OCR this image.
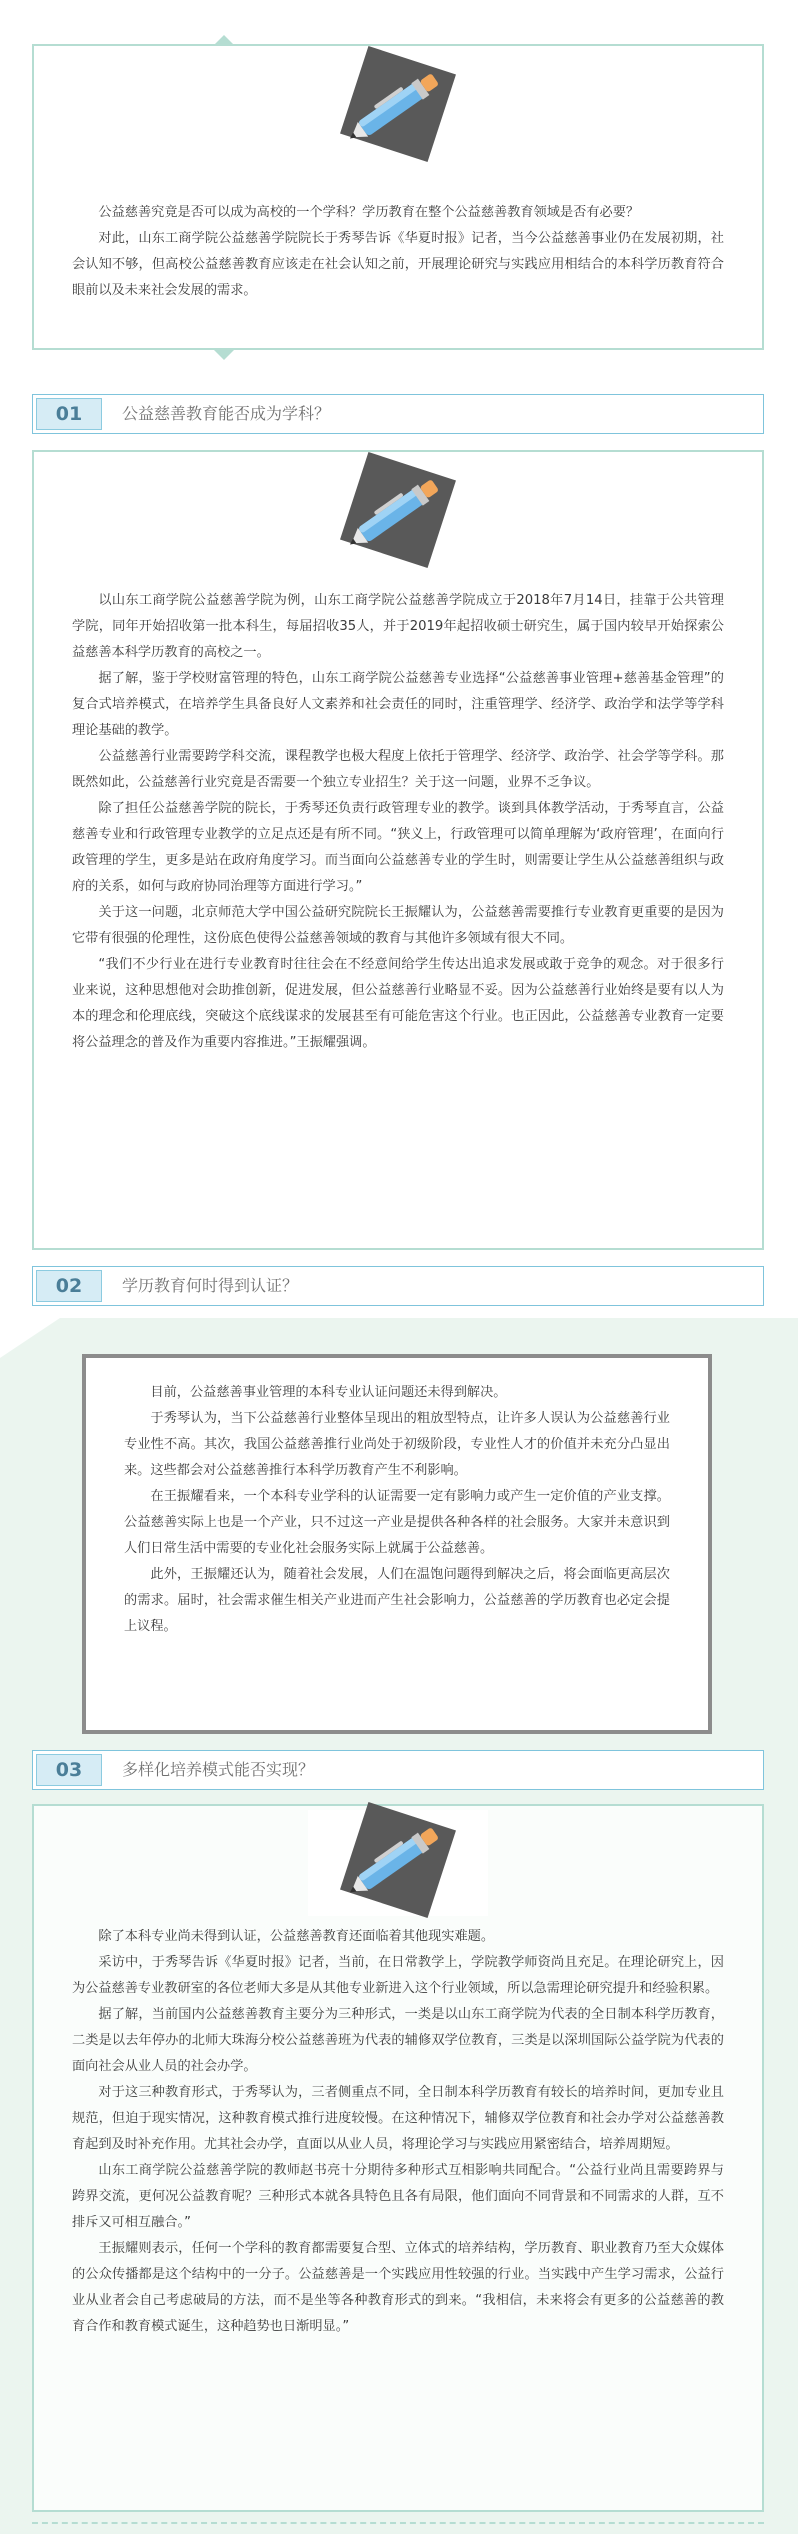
公益慈善究竟是否可以成为高校的一个学科？学历教育在整个公益慈善教育领域是否有必要？

对此，山东工商学院公益慈善学院院长于秀琴告诉《华夏时报》记者，当今公益慈善事业仍在发展初期，社会认知不够，但高校公益慈善教育应该走在社会认知之前，开展理论研究与实践应用相结合的本科学历教育符合眼前以及未来社会发展的需求。

01	公益慈善教育能否成为学科？

以山东工商学院公益慈善学院为例，山东工商学院公益慈善学院成立于2018年7月14日，挂靠于公共管理学院，同年开始招收第一批本科生，每届招收35人，并于2019年起招收硕士研究生，属于国内较早开始探索公益慈善本科学历教育的高校之一。

据了解，鉴于学校财富管理的特色，山东工商学院公益慈善专业选择“公益慈善事业管理+慈善基金管理”的复合式培养模式，在培养学生具备良好人文素养和社会责任的同时，注重管理学、经济学、政治学和法学等学科理论基础的教学。

公益慈善行业需要跨学科交流，课程教学也极大程度上依托于管理学、经济学、政治学、社会学等学科。那既然如此，公益慈善行业究竟是否需要一个独立专业招生？关于这一问题，业界不乏争议。

除了担任公益慈善学院的院长，于秀琴还负责行政管理专业的教学。谈到具体教学活动，于秀琴直言，公益慈善专业和行政管理专业教学的立足点还是有所不同。“狭义上，行政管理可以简单理解为‘政府管理’，在面向行政管理的学生，更多是站在政府角度学习。而当面向公益慈善专业的学生时，则需要让学生从公益慈善组织与政府的关系，如何与政府协同治理等方面进行学习。”

关于这一问题，北京师范大学中国公益研究院院长王振耀认为，公益慈善需要推行专业教育更重要的是因为它带有很强的伦理性，这份底色使得公益慈善领域的教育与其他许多领域有很大不同。

“我们不少行业在进行专业教育时往往会在不经意间给学生传达出追求发展或敢于竞争的观念。对于很多行业来说，这种思想他对会助推创新，促进发展，但公益慈善行业略显不妥。因为公益慈善行业始终是要有以人为本的理念和伦理底线，突破这个底线谋求的发展甚至有可能危害这个行业。也正因此，公益慈善专业教育一定要将公益理念的普及作为重要内容推进。”王振耀强调。

02	学历教育何时得到认证？

目前，公益慈善事业管理的本科专业认证问题还未得到解决。

于秀琴认为，当下公益慈善行业整体呈现出的粗放型特点，让许多人误认为公益慈善行业专业性不高。其次，我国公益慈善推行业尚处于初级阶段，专业性人才的价值并未充分凸显出来。这些都会对公益慈善推行本科学历教育产生不利影响。

在王振耀看来，一个本科专业学科的认证需要一定有影响力或产生一定价值的产业支撑。公益慈善实际上也是一个产业，只不过这一产业是提供各种各样的社会服务。大家并未意识到人们日常生活中需要的专业化社会服务实际上就属于公益慈善。

此外，王振耀还认为，随着社会发展，人们在温饱问题得到解决之后，将会面临更高层次的需求。届时，社会需求催生相关产业进而产生社会影响力，公益慈善的学历教育也必定会提上议程。

03	多样化培养模式能否实现？

除了本科专业尚未得到认证，公益慈善教育还面临着其他现实难题。

采访中，于秀琴告诉《华夏时报》记者，当前，在日常教学上，学院教学师资尚且充足。在理论研究上，因为公益慈善专业教研室的各位老师大多是从其他专业新进入这个行业领域，所以急需理论研究提升和经验积累。

据了解，当前国内公益慈善教育主要分为三种形式，一类是以山东工商学院为代表的全日制本科学历教育，二类是以去年停办的北师大珠海分校公益慈善班为代表的辅修双学位教育，三类是以深圳国际公益学院为代表的面向社会从业人员的社会办学。

对于这三种教育形式，于秀琴认为，三者侧重点不同，全日制本科学历教育有较长的培养时间，更加专业且规范，但迫于现实情况，这种教育模式推行进度较慢。在这种情况下，辅修双学位教育和社会办学对公益慈善教育起到及时补充作用。尤其社会办学，直面以从业人员，将理论学习与实践应用紧密结合，培养周期短。

山东工商学院公益慈善学院的教师赵书亮十分期待多种形式互相影响共同配合。“公益行业尚且需要跨界与跨界交流，更何况公益教育呢？三种形式本就各具特色且各有局限，他们面向不同背景和不同需求的人群，互不排斥又可相互融合。”

王振耀则表示，任何一个学科的教育都需要复合型、立体式的培养结构，学历教育、职业教育乃至大众媒体的公众传播都是这个结构中的一分子。公益慈善是一个实践应用性较强的行业。当实践中产生学习需求，公益行业从业者会自己考虑破局的方法，而不是坐等各种教育形式的到来。“我相信，未来将会有更多的公益慈善的教育合作和教育模式诞生，这种趋势也日渐明显。”
